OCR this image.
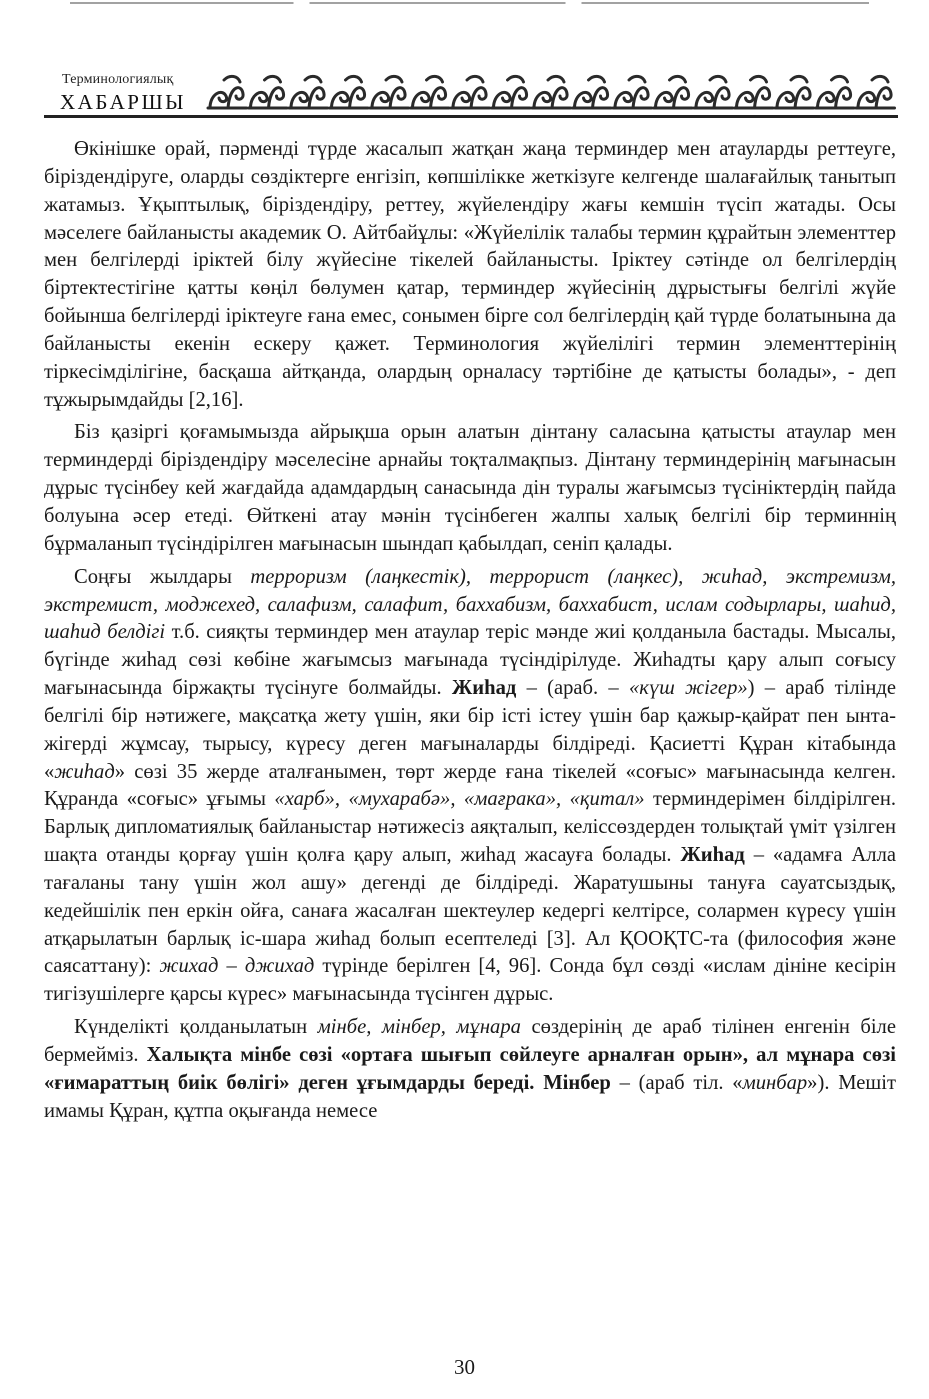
Терминологиялық
ХАБАРШЫ

Өкінішке орай, пәрменді түрде жасалып жатқан жаңа терминдер мен атауларды реттеуге, біріздендіруге, оларды сөздіктерге енгізіп, көпшілікке жеткізуге келгенде шалағайлық танытып жатамыз. Ұқыптылық, біріздендіру, реттеу, жүйелендіру жағы кемшін түсіп жатады. Осы мәселеге байланысты академик О. Айтбайұлы: «Жүйелілік талабы термин құрайтын элементтер мен белгілерді іріктей білу жүйесіне тікелей байланысты. Іріктеу сәтінде ол белгілердің біртектестігіне қатты көңіл бөлумен қатар, терминдер жүйесінің дұрыстығы белгілі жүйе бойынша белгілерді іріктеуге ғана емес, сонымен бірге сол белгілердің қай түрде болатынына да байланысты екенін ескеру қажет. Терминология жүйелілігі термин элементтерінің тіркесімділігіне, басқаша айтқанда, олардың орналасу тәртібіне де қатысты болады», - деп тұжырымдайды [2,16].

Біз қазіргі қоғамымызда айрықша орын алатын дінтану саласына қатысты атаулар мен терминдерді біріздендіру мәселесіне арнайы тоқталмақпыз. Дінтану терминдерінің мағынасын дұрыс түсінбеу кей жағдайда адамдардың санасында дін туралы жағымсыз түсініктердің пайда болуына әсер етеді. Өйткені атау мәнін түсінбеген жалпы халық белгілі бір терминнің бұрмаланып түсіндірілген мағынасын шындап қабылдап, сеніп қалады.

Соңғы жылдары терроризм (лаңкестік), террорист (лаңкес), жиһад, экстремизм, экстремист, моджехед, салафизм, салафит, баххабизм, баххабист, ислам содырлары, шаһид, шаһид белдігі т.б. сияқты терминдер мен атаулар теріс мәнде жиі қолданыла бастады. Мысалы, бүгінде жиһад сөзі көбіне жағымсыз мағынада түсіндірілуде. Жиһадты қару алып соғысу мағынасында біржақты түсінуге болмайды. Жиһад – (араб. – «күш жігер») – араб тілінде белгілі бір нәтижеге, мақсатқа жету үшін, яки бір істі істеу үшін бар қажыр-қайрат пен ынта-жігерді жұмсау, тырысу, күресу деген мағыналарды білдіреді. Қасиетті Құран кітабында «жиһад» сөзі 35 жерде аталғанымен, төрт жерде ғана тікелей «соғыс» мағынасында келген. Құранда «соғыс» ұғымы «харб», «мухарабә», «мағрака», «қитал» терминдерімен білдірілген. Барлық дипломатиялық байланыстар нәтижесіз аяқталып, келіссөздерден толықтай үміт үзілген шақта отанды қорғау үшін қолға қару алып, жиһад жасауға болады. Жиһад – «адамға Алла тағаланы тану үшін жол ашу» дегенді де білдіреді. Жаратушыны тануға сауатсыздық, кедейшілік пен еркін ойға, санаға жасалған шектеулер кедергі келтірсе, солармен күресу үшін атқарылатын барлық іс-шара жиһад болып есептеледі [3]. Ал ҚООҚТС-та (философия және саясаттану): жихад – джихад түрінде берілген [4, 96]. Сонда бұл сөзді «ислам дініне кесірін тигізушілерге қарсы күрес» мағынасында түсінген дұрыс.

Күнделікті қолданылатын мінбе, мінбер, мұнара сөздерінің де араб тілінен енгенін біле бермейміз. Халықта мінбе сөзі «ортаға шығып сөйлеуге арналған орын», ал мұнара сөзі «ғимараттың биік бөлігі» деген ұғымдарды береді. Мінбер – (араб тіл. «минбар»). Мешіт имамы Құран, құтпа оқығанда немесе

30
